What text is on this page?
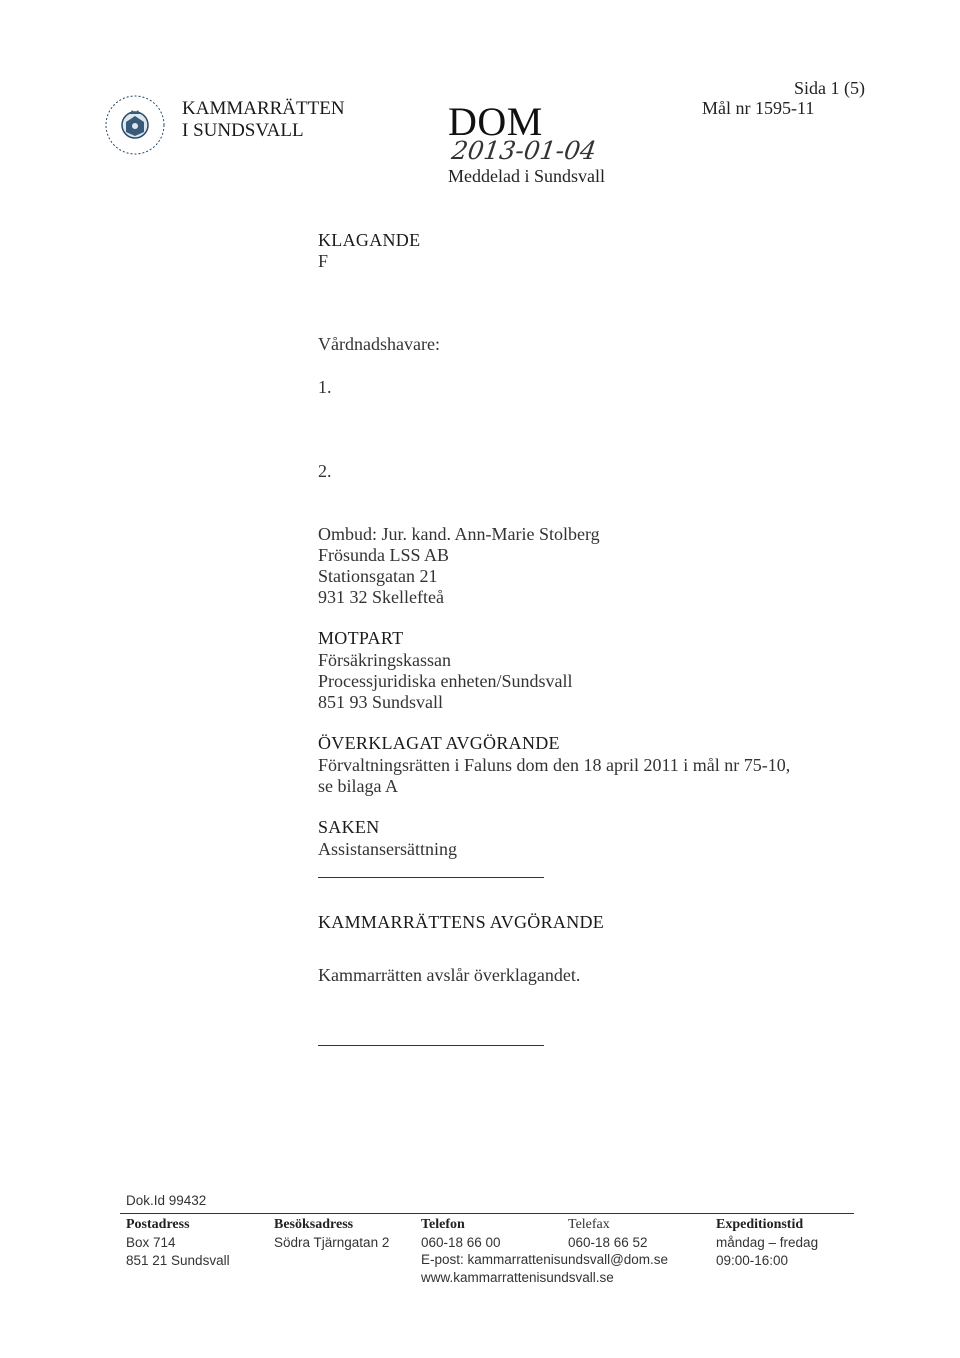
KAMMARRÄTTEN
I SUNDSVALL	DOM
2013-01-04
Meddelad i Sundsvall
Sida 1 (5)
Mål nr 1595-11
KLAGANDE
F
Vårdnadshavare:
1.
2.
Ombud: Jur. kand. Ann-Marie Stolberg
Frösunda LSS AB
Stationsgatan 21
931 32 Skellefteå
MOTPART
Försäkringskassan
Processjuridiska enheten/Sundsvall
851 93 Sundsvall
ÖVERKLAGAT AVGÖRANDE
Förvaltningsrätten i Faluns dom den 18 april 2011 i mål nr 75-10,
se bilaga A
SAKEN
Assistansersättning
KAMMARRÄTTENS AVGÖRANDE
Kammarrätten avslår överklagandet.
Dok.Id 99432
Postadress
Box 714
851 21 Sundsvall
Besöksadress
Södra Tjärngatan 2
Telefon
060-18 66 00
Telefax
060-18 66 52
E-post: kammarrattenisundsvall@dom.se
www.kammarrattenisundsvall.se
Expeditionstid
måndag – fredag
09:00-16:00
